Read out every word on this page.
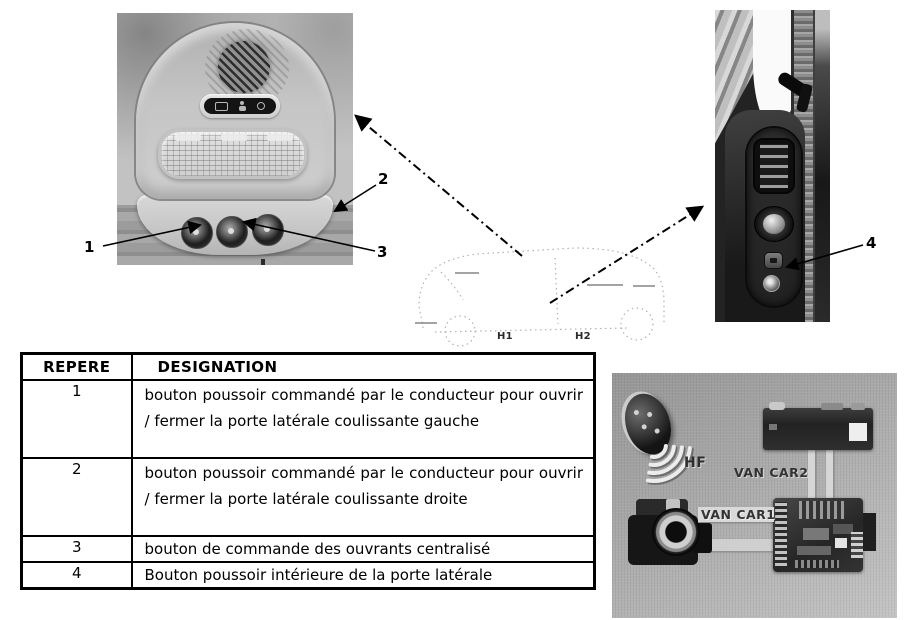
H1	H2
1
2
3	4
REPERE	DESIGNATION
1	bouton poussoir commandé par le conducteur pour ouvrir / fermer la porte latérale coulissante gauche
2	bouton poussoir commandé par le conducteur pour ouvrir / fermer la porte latérale coulissante droite
3	bouton de commande des ouvrants centralisé
4	Bouton poussoir intérieure de la porte latérale
HF
VAN CAR2
VAN CAR1
